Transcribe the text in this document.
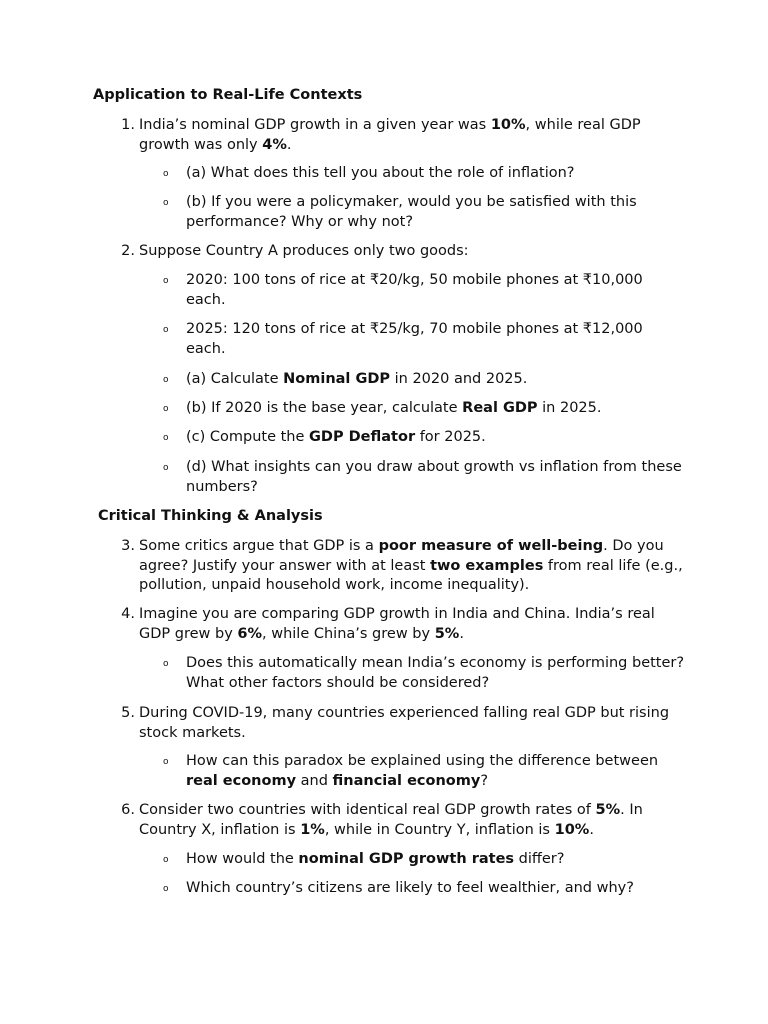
Application to Real-Life Contexts
1. India’s nominal GDP growth in a given year was 10%, while real GDP growth was only 4%.
o (a) What does this tell you about the role of inflation?
o (b) If you were a policymaker, would you be satisfied with this performance? Why or why not?
2. Suppose Country A produces only two goods:
o 2020: 100 tons of rice at ₹20/kg, 50 mobile phones at ₹10,000 each.
o 2025: 120 tons of rice at ₹25/kg, 70 mobile phones at ₹12,000 each.
o (a) Calculate Nominal GDP in 2020 and 2025.
o (b) If 2020 is the base year, calculate Real GDP in 2025.
o (c) Compute the GDP Deflator for 2025.
o (d) What insights can you draw about growth vs inflation from these numbers?
Critical Thinking & Analysis
3. Some critics argue that GDP is a poor measure of well-being. Do you agree? Justify your answer with at least two examples from real life (e.g., pollution, unpaid household work, income inequality).
4. Imagine you are comparing GDP growth in India and China. India’s real GDP grew by 6%, while China’s grew by 5%.
o Does this automatically mean India’s economy is performing better? What other factors should be considered?
5. During COVID-19, many countries experienced falling real GDP but rising stock markets.
o How can this paradox be explained using the difference between real economy and financial economy?
6. Consider two countries with identical real GDP growth rates of 5%. In Country X, inflation is 1%, while in Country Y, inflation is 10%.
o How would the nominal GDP growth rates differ?
o Which country’s citizens are likely to feel wealthier, and why?
